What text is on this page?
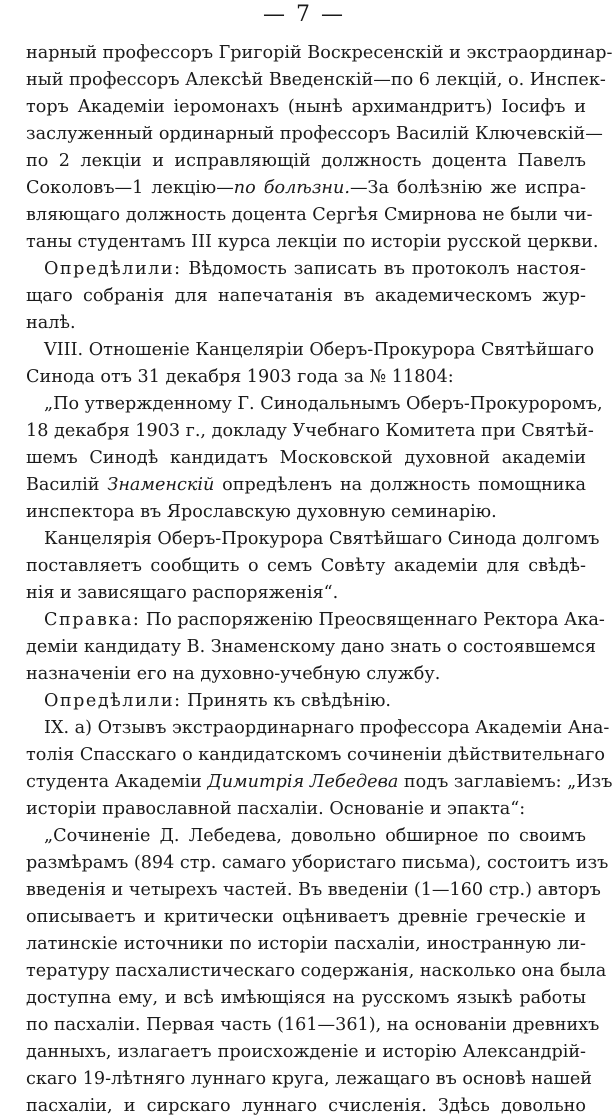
— 7 —
нарный профессоръ Григорій Воскресенскій и экстраординар-
ный профессоръ Алексѣй Введенскій—по 6 лекцій, о. Инспек-
торъ Академіи іеромонахъ (нынѣ архимандритъ) Іосифъ и
заслуженный ординарный профессоръ Василій Ключевскій—
по 2 лекціи и исправляющій должность доцента Павелъ
Соколовъ—1 лекцію—по болѣзни.—За болѣзнію же испра-
вляющаго должность доцента Сергѣя Смирнова не были чи-
таны студентамъ III курса лекціи по исторіи русской церкви.
Опредѣлили: Вѣдомость записать въ протоколъ настоя-
щаго собранія для напечатанія въ академическомъ жур-
налѣ.
VIII. Отношеніе Канцеляріи Оберъ-Прокурора Святѣйшаго
Синода отъ 31 декабря 1903 года за № 11804:
„По утвержденному Г. Синодальнымъ Оберъ-Прокуроромъ,
18 декабря 1903 г., докладу Учебнаго Комитета при Святѣй-
шемъ Синодѣ кандидатъ Московской духовной академіи
Василій Знаменскій опредѣленъ на должность помощника
инспектора въ Ярославскую духовную семинарію.
Канцелярія Оберъ-Прокурора Святѣйшаго Синода долгомъ
поставляетъ сообщить о семъ Совѣту академіи для свѣдѣ-
нія и зависящаго распоряженія“.
Справка: По распоряженію Преосвященнаго Ректора Ака-
деміи кандидату В. Знаменскому дано знать о состоявшемся
назначеніи его на духовно-учебную службу.
Опредѣлили: Принять къ свѣдѣнію.
IX. а) Отзывъ экстраординарнаго профессора Академіи Ана-
толія Спасскаго о кандидатскомъ сочиненіи дѣйствительнаго
студента Академіи Димитрія Лебедева подъ заглавіемъ: „Изъ
исторіи православной пасхаліи. Основаніе и эпакта“:
„Сочиненіе Д. Лебедева, довольно обширное по своимъ
размѣрамъ (894 стр. самаго убористаго письма), состоитъ изъ
введенія и четырехъ частей. Въ введеніи (1—160 стр.) авторъ
описываетъ и критически оцѣниваетъ древніе греческіе и
латинскіе источники по исторіи пасхаліи, иностранную ли-
тературу пасхалистическаго содержанія, насколько она была
доступна ему, и всѣ имѣющіяся на русскомъ языкѣ работы
по пасхаліи. Первая часть (161—361), на основаніи древнихъ
данныхъ, излагаетъ происхожденіе и исторію Александрій-
скаго 19-лѣтняго луннаго круга, лежащаго въ основѣ нашей
пасхаліи, и сирскаго луннаго счисленія. Здѣсь довольно
